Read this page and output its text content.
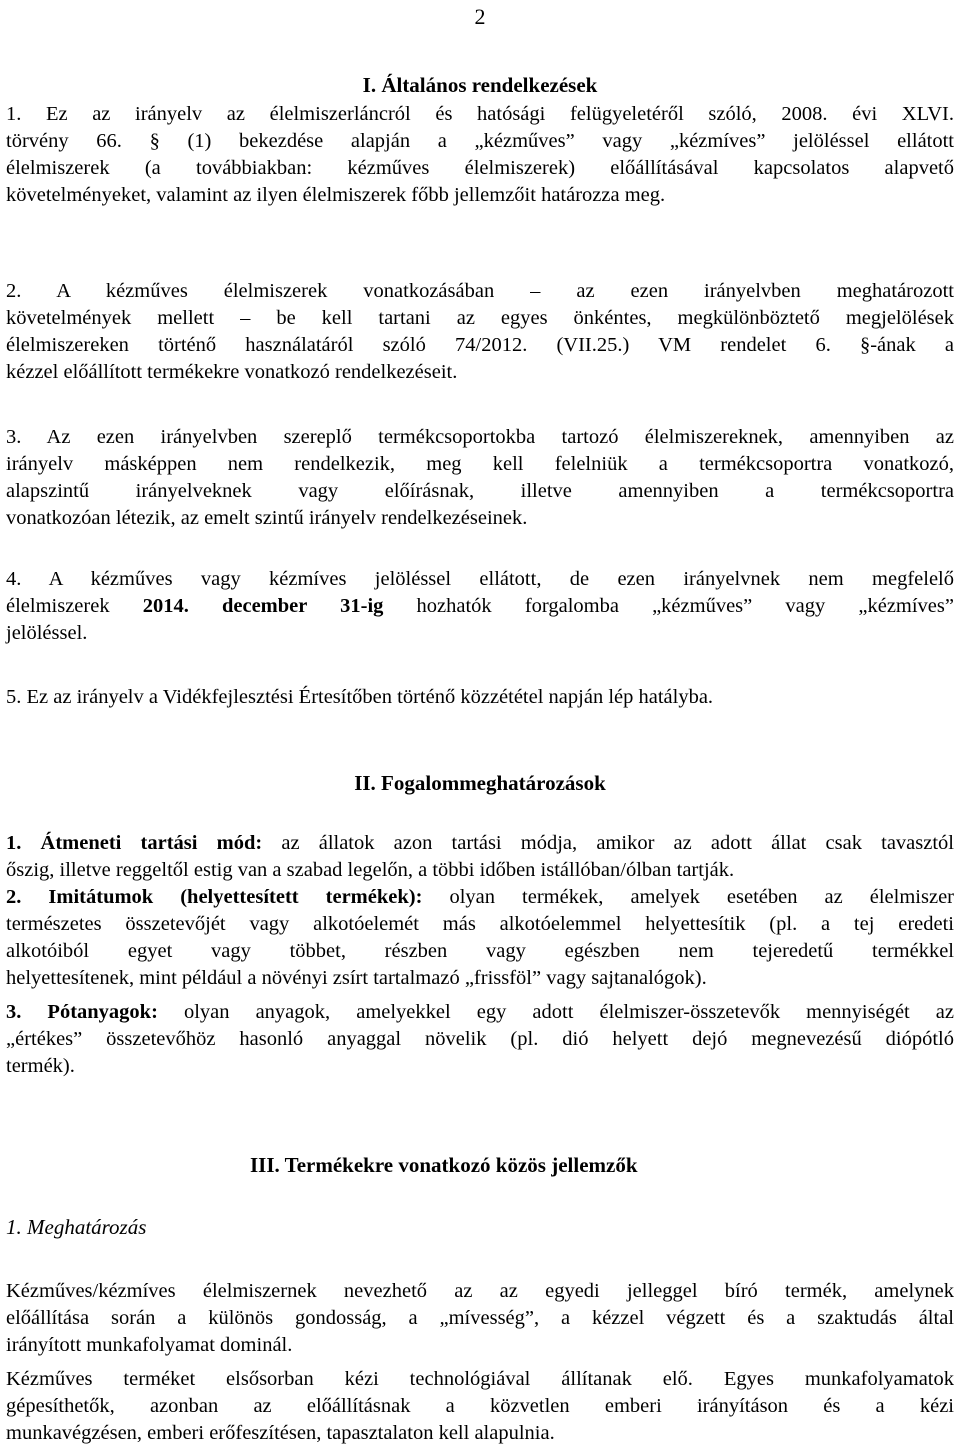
2
I. Általános rendelkezések
1. Ez az irányelv az élelmiszerláncról és hatósági felügyeletéről szóló, 2008. évi XLVI.
törvény 66. § (1) bekezdése alapján a „kézműves” vagy „kézmíves” jelöléssel ellátott
élelmiszerek (a továbbiakban: kézműves élelmiszerek) előállításával kapcsolatos alapvető
követelményeket, valamint az ilyen élelmiszerek főbb jellemzőit határozza meg.
2. A kézműves élelmiszerek vonatkozásában – az ezen irányelvben meghatározott
követelmények mellett – be kell tartani az egyes önkéntes, megkülönböztető megjelölések
élelmiszereken történő használatáról szóló 74/2012. (VII.25.) VM rendelet 6. §-ának a
kézzel előállított termékekre vonatkozó rendelkezéseit.
3. Az ezen irányelvben szereplő termékcsoportokba tartozó élelmiszereknek, amennyiben az
irányelv másképpen nem rendelkezik, meg kell felelniük a termékcsoportra vonatkozó,
alapszintű irányelveknek vagy előírásnak, illetve amennyiben a termékcsoportra
vonatkozóan létezik, az emelt szintű irányelv rendelkezéseinek.
4. A kézműves vagy kézmíves jelöléssel ellátott, de ezen irányelvnek nem megfelelő
élelmiszerek 2014. december 31-ig hozhatók forgalomba „kézműves” vagy „kézmíves”
jelöléssel.
5. Ez az irányelv a Vidékfejlesztési Értesítőben történő közzététel napján lép hatályba.
II. Fogalommeghatározások
1. Átmeneti tartási mód: az állatok azon tartási módja, amikor az adott állat csak tavasztól
őszig, illetve reggeltől estig van a szabad legelőn, a többi időben istállóban/ólban tartják.
2. Imitátumok (helyettesített termékek): olyan termékek, amelyek esetében az élelmiszer
természetes összetevőjét vagy alkotóelemét más alkotóelemmel helyettesítik (pl. a tej eredeti
alkotóiból egyet vagy többet, részben vagy egészben nem tejeredetű termékkel
helyettesítenek, mint például a növényi zsírt tartalmazó „frissföl” vagy sajtanalógok).
3. Pótanyagok: olyan anyagok, amelyekkel egy adott élelmiszer-összetevők mennyiségét az
„értékes” összetevőhöz hasonló anyaggal növelik (pl. dió helyett dejó megnevezésű diópótló
termék).
III. Termékekre vonatkozó közös jellemzők
1. Meghatározás
Kézműves/kézmíves élelmiszernek nevezhető az az egyedi jelleggel bíró termék, amelynek
előállítása során a különös gondosság, a „mívesség”, a kézzel végzett és a szaktudás által
irányított munkafolyamat dominál.
Kézműves terméket elsősorban kézi technológiával állítanak elő. Egyes munkafolyamatok
gépesíthetők, azonban az előállításnak a közvetlen emberi irányításon és a kézi
munkavégzésen, emberi erőfeszítésen, tapasztalaton kell alapulnia.
